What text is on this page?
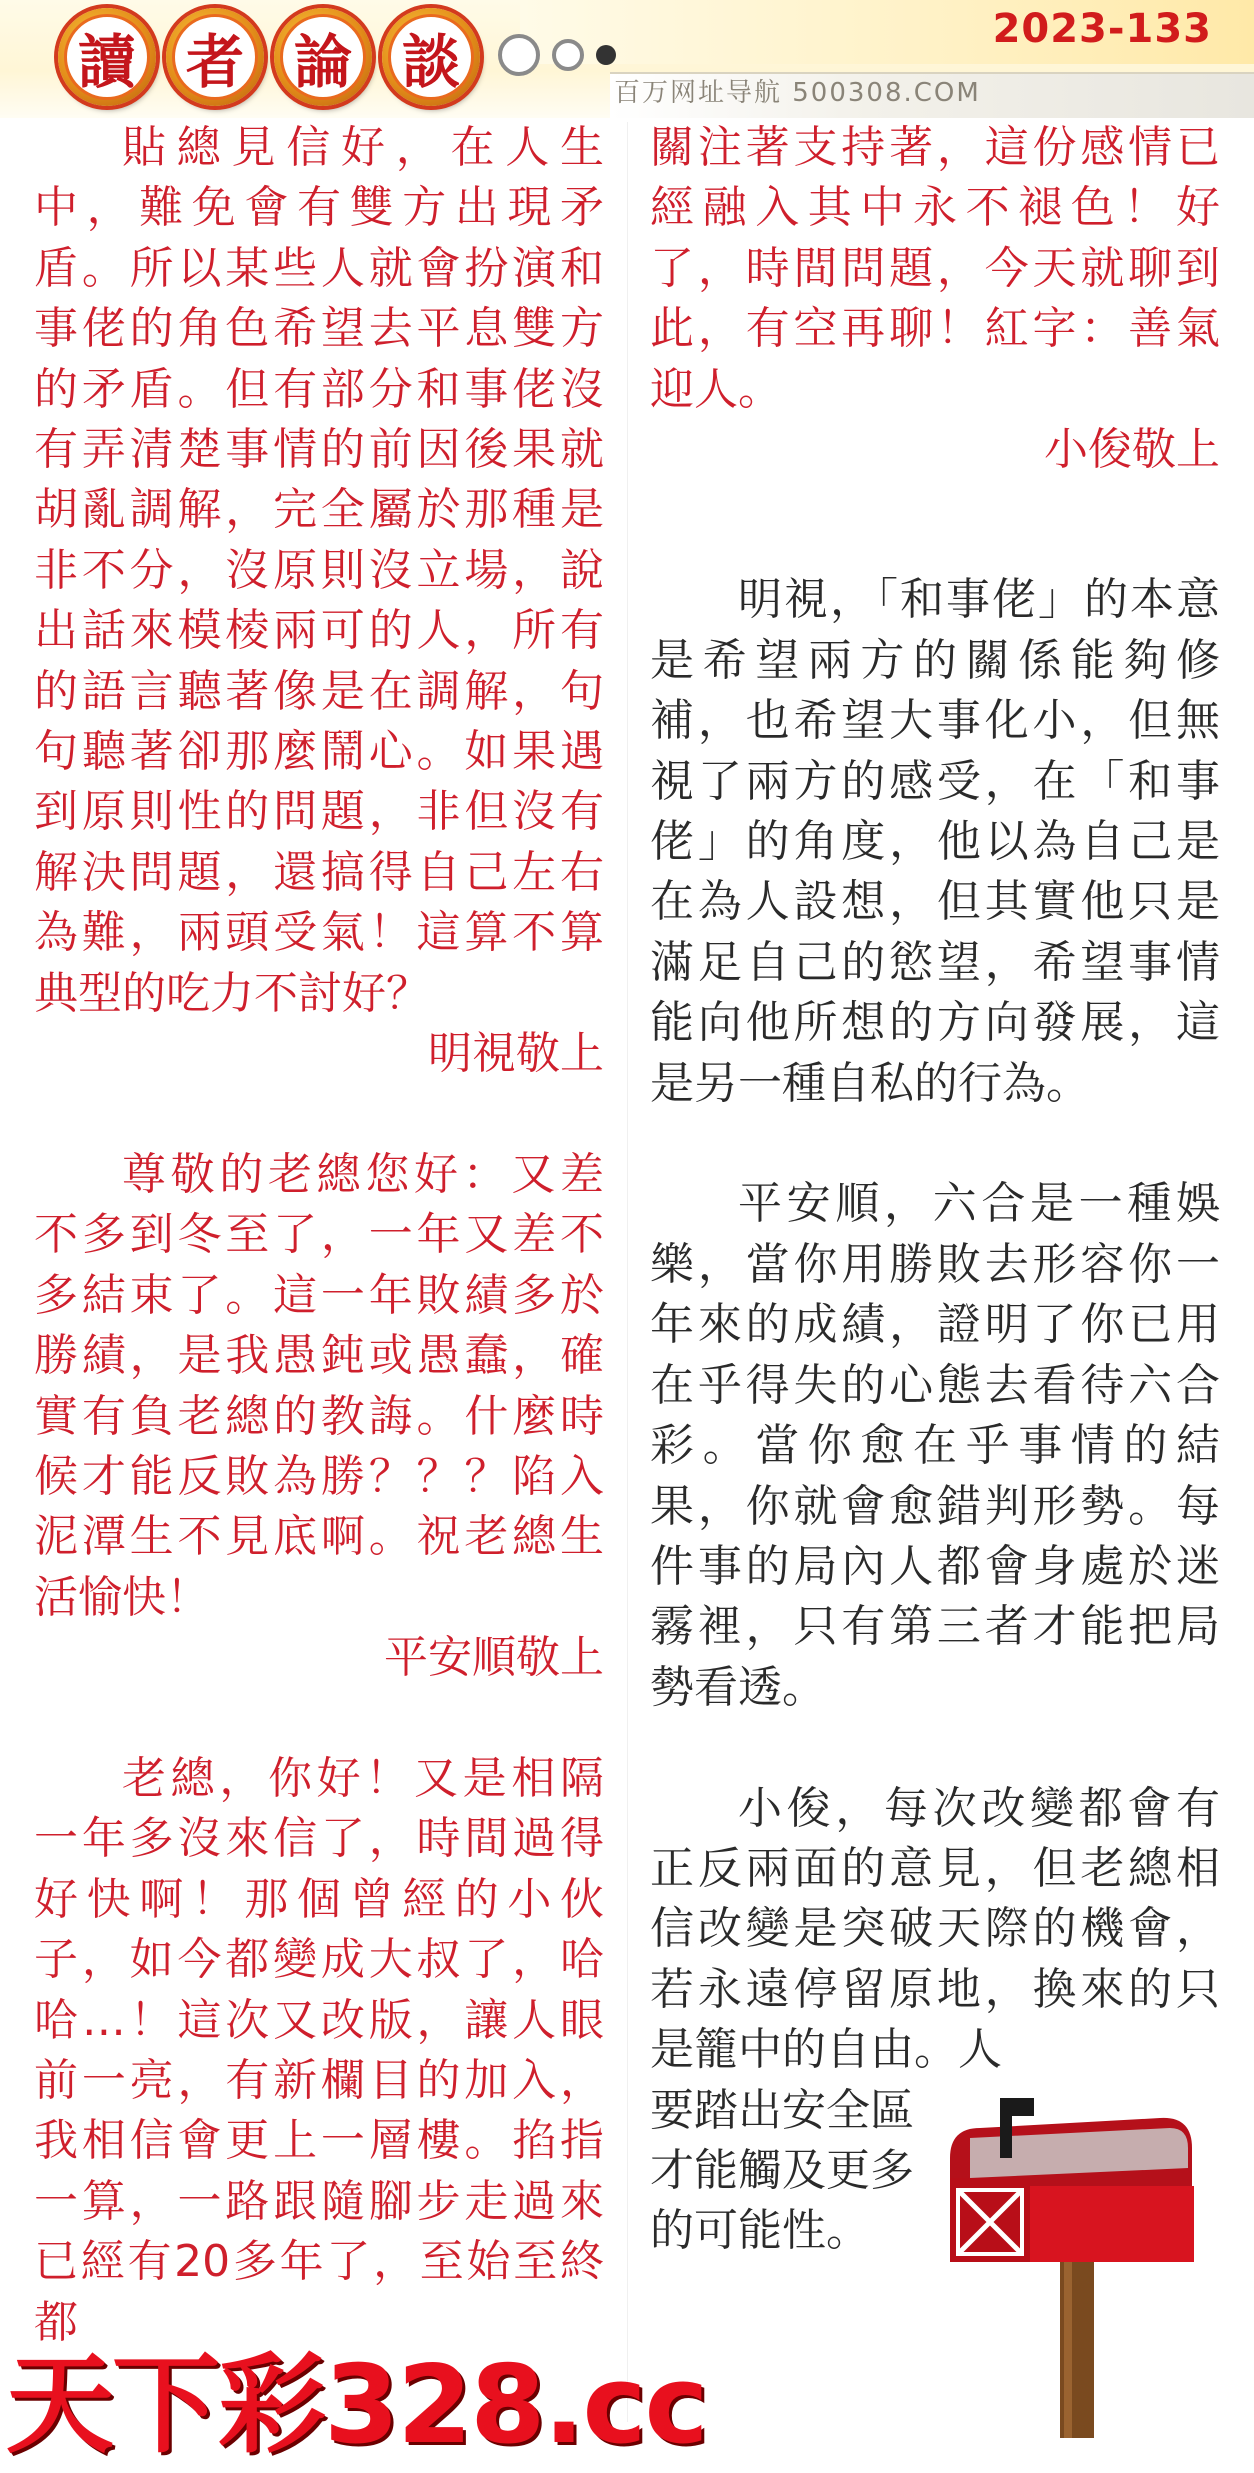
讀 者 論 談	2023-133
百万网址导航 500308.COM

貼總見信好，在人生中，難免會有雙方出現矛盾。所以某些人就會扮演和事佬的角色希望去平息雙方的矛盾。但有部分和事佬沒有弄清楚事情的前因後果就胡亂調解，完全屬於那種是非不分，沒原則沒立場，說出話來模棱兩可的人，所有的語言聽著像是在調解，句句聽著卻那麼鬧心。如果遇到原則性的問題，非但沒有解決問題，還搞得自己左右為難，兩頭受氣！這算不算典型的吃力不討好？

明視敬上

尊敬的老總您好：又差不多到冬至了，一年又差不多結束了。這一年敗績多於勝績，是我愚鈍或愚蠢，確實有負老總的教誨。什麼時候才能反敗為勝？？？陷入泥潭生不見底啊。祝老總生活愉快！

平安順敬上

老總，你好！又是相隔一年多沒來信了，時間過得好快啊！那個曾經的小伙子，如今都變成大叔了，哈哈…！這次又改版，讓人眼前一亮，有新欄目的加入，我相信會更上一層樓。掐指一算，一路跟隨腳步走過來已經有20多年了，至始至終都

關注著支持著，這份感情已經融入其中永不褪色！好了，時間問題，今天就聊到此，有空再聊！紅字：善氣迎人。

小俊敬上

明視，「和事佬」的本意是希望兩方的關係能夠修補，也希望大事化小，但無視了兩方的感受，在「和事佬」的角度，他以為自己是在為人設想，但其實他只是滿足自己的慾望，希望事情能向他所想的方向發展，這是另一種自私的行為。

平安順，六合是一種娛樂，當你用勝敗去形容你一年來的成績，證明了你已用在乎得失的心態去看待六合彩。當你愈在乎事情的結果，你就會愈錯判形勢。每件事的局內人都會身處於迷霧裡，只有第三者才能把局勢看透。

小俊，每次改變都會有正反兩面的意見，但老總相信改變是突破天際的機會，若永遠停留原地，換來的只是籠中的自由。人

要踏出安全區才能觸及更多的可能性。

天下彩328.cc
